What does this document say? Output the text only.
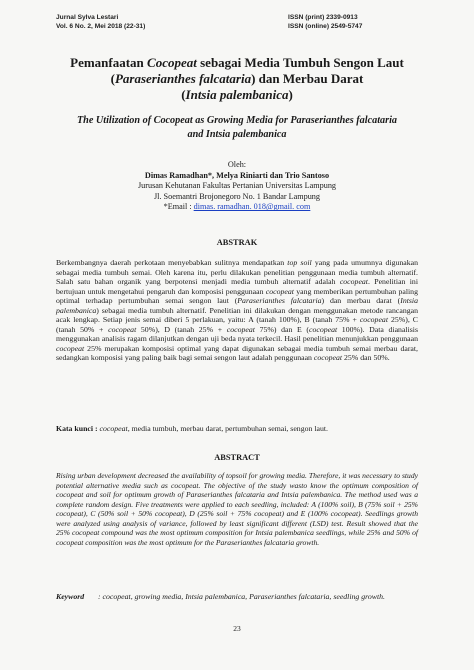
Jurnal Sylva Lestari
Vol. 6 No. 2, Mei 2018 (22-31)
ISSN (print) 2339-0913
ISSN (online) 2549-5747
Pemanfaatan Cocopeat sebagai Media Tumbuh Sengon Laut
(Paraserianthes falcataria) dan Merbau Darat
(Intsia palembanica)
The Utilization of Cocopeat as Growing Media for Paraserianthes falcataria
and Intsia palembanica
Oleh:
Dimas Ramadhan*, Melya Riniarti dan Trio Santoso
Jurusan Kehutanan Fakultas Pertanian Universitas Lampung
Jl. Soemantri Brojonegoro No. 1 Bandar Lampung
*Email : dimas. ramadhan. 018@gmail. com
ABSTRAK
Berkembangnya daerah perkotaan menyebabkan sulitnya mendapatkan top soil yang pada umumnya digunakan sebagai media tumbuh semai. Oleh karena itu, perlu dilakukan penelitian penggunaan media tumbuh alternatif. Salah satu bahan organik yang berpotensi menjadi media tumbuh alternatif adalah cocopeat. Penelitian ini bertujuan untuk mengetahui pengaruh dan komposisi penggunaan cocopeat yang memberikan pertumbuhan paling optimal terhadap pertumbuhan semai sengon laut (Paraserianthes falcataria) dan merbau darat (Intsia palembanica) sebagai media tumbuh alternatif. Penelitian ini dilakukan dengan menggunakan metode rancangan acak lengkap. Setiap jenis semai diberi 5 perlakuan, yaitu: A (tanah 100%), B (tanah 75% + cocopeat 25%), C (tanah 50% + cocopeat 50%), D (tanah 25% + cocopeat 75%) dan E (cocopeat 100%). Data dianalisis menggunakan analisis ragam dilanjutkan dengan uji beda nyata terkecil. Hasil penelitian menunjukkan penggunaan cocopeat 25% merupakan komposisi optimal yang dapat digunakan sebagai media tumbuh semai merbau darat, sedangkan komposisi yang paling baik bagi semai sengon laut adalah penggunaan cocopeat 25% dan 50%.
Kata kunci : cocopeat, media tumbuh, merbau darat, pertumbuhan semai, sengon laut.
ABSTRACT
Rising urban development decreased the availability of topsoil for growing media. Therefore, it was necessary to study potential alternative media such as cocopeat. The objective of the study wasto know the optimum composition of cocopeat and soil for optimum growth of Paraserianthes falcataria and Intsia palembanica. The method used was a complete random design. Five treatments were applied to each seedling, included: A (100% soil), B (75% soil + 25% cocopeat), C (50% soil + 50% cocopeat), D (25% soil + 75% cocopeat) and E (100% cocopeat). Seedlings growth were analyzed using analysis of variance, followed by least significant different (LSD) test. Result showed that the 25% cocopeat compound was the most optimum composition for Intsia palembanica seedlings, while 25% and 50% of cocopeat composition was the most optimum for the Paraserianthes falcataria growth.
Keyword : cocopeat, growing media, Intsia palembanica, Paraserianthes falcataria, seedling growth.
23
